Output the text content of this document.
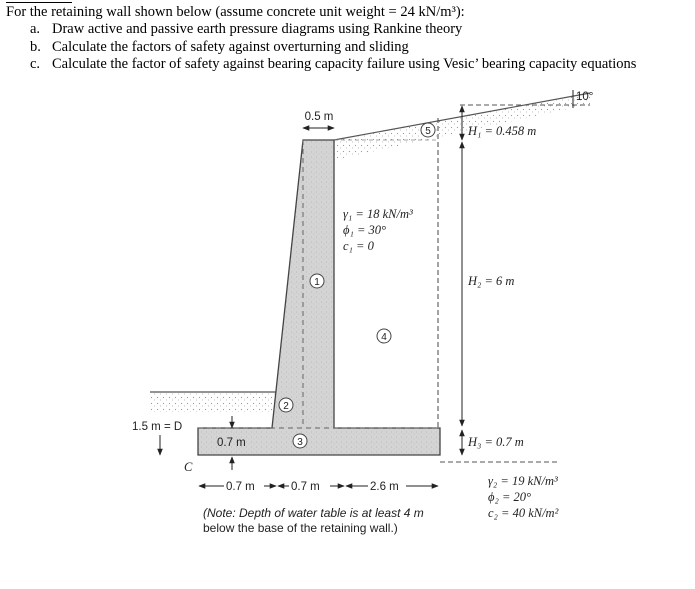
For the retaining wall shown below (assume concrete unit weight = 24 kN/m³):
a. Draw active and passive earth pressure diagrams using Rankine theory
b. Calculate the factors of safety against overturning and sliding
c. Calculate the factor of safety against bearing capacity failure using Vesic’ bearing capacity equations
1
2
3
4
5
0.5 m
10°
H₁ = 0.458 m
H₂ = 6 m
H₃ = 0.7 m
γ₁ = 18 kN/m³
ϕ₁ = 30°
c₁ = 0
γ₂ = 19 kN/m³
ϕ₂ = 20°
c₂ = 40 kN/m²
1.5 m = D
0.7 m
C
0.7 m	0.7 m	2.6 m
(Note: Depth of water table is at least 4 m
below the base of the retaining wall.)
